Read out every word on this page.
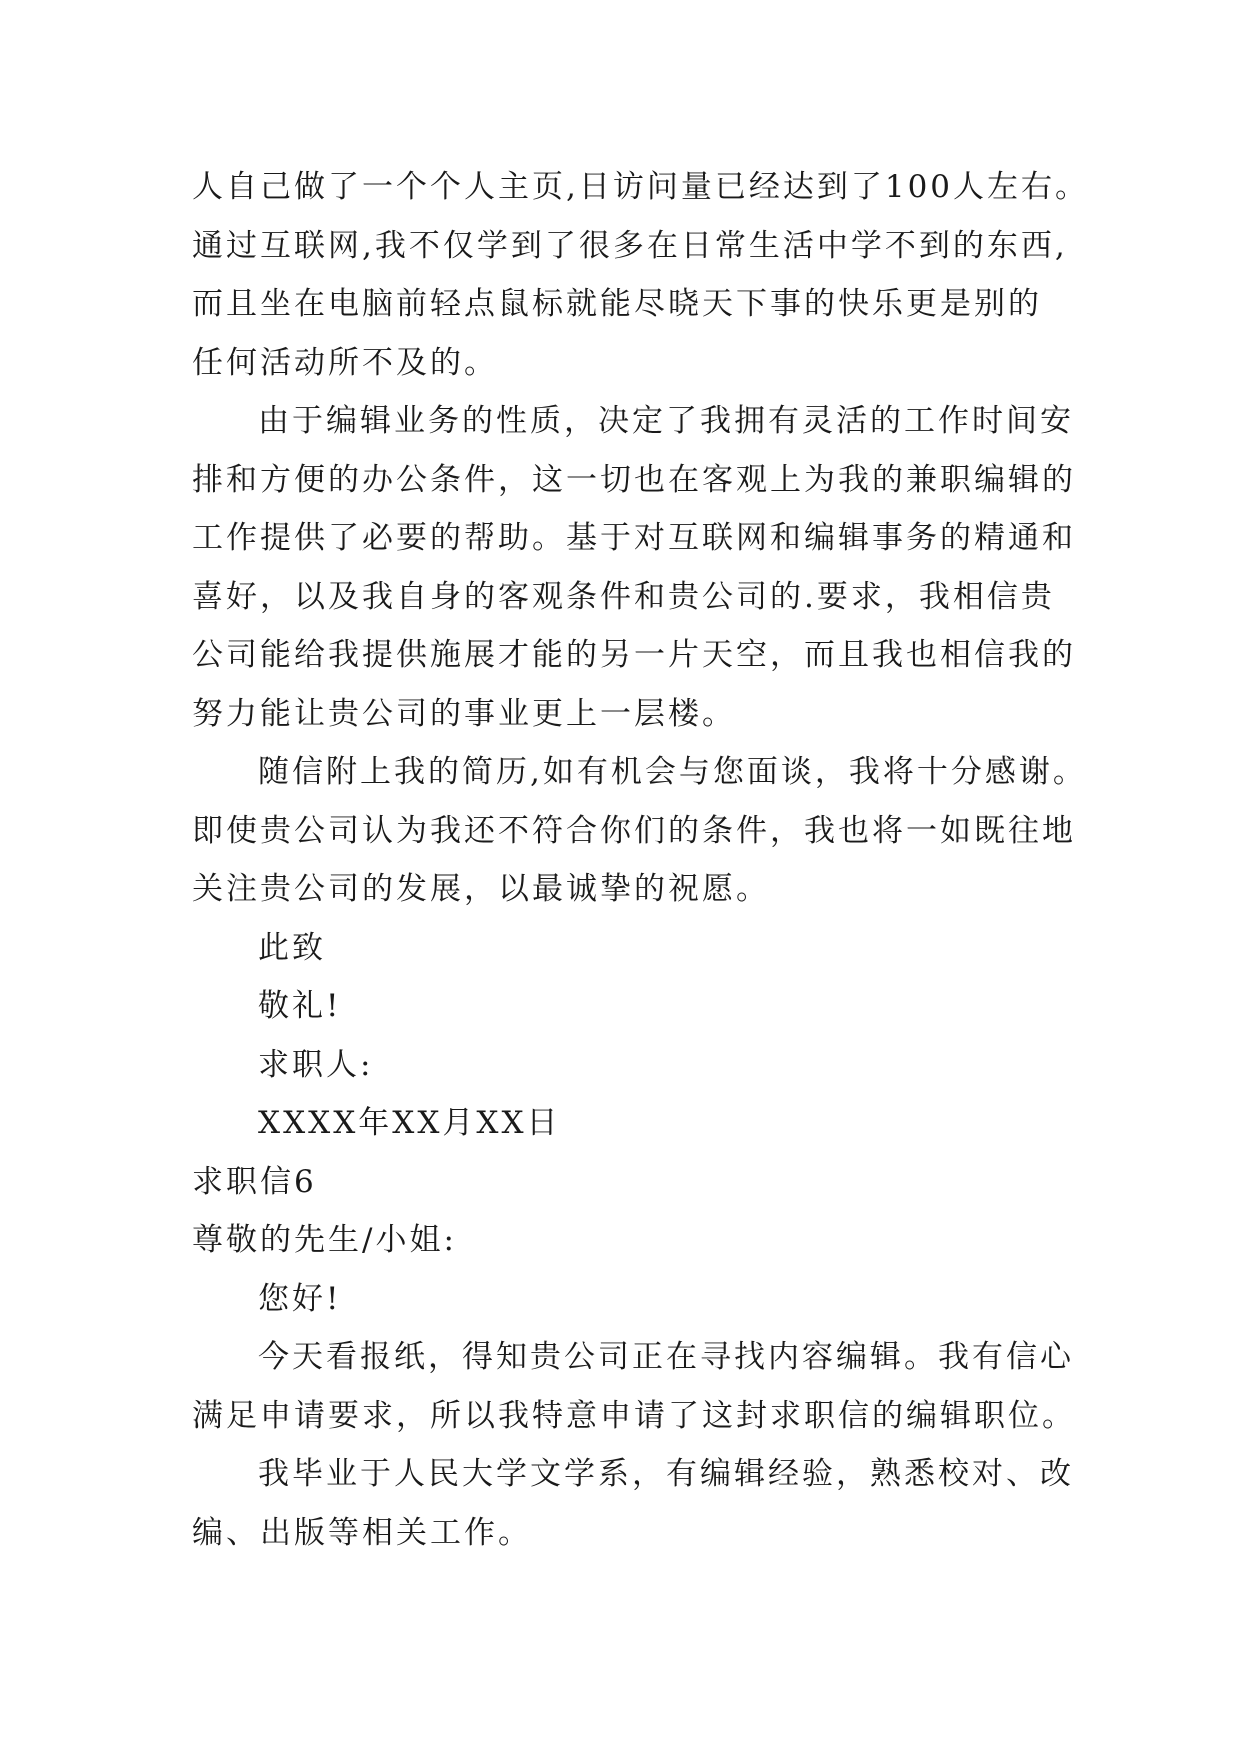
人自己做了一个个人主页,日访问量已经达到了100人左右。
通过互联网,我不仅学到了很多在日常生活中学不到的东西,
而且坐在电脑前轻点鼠标就能尽晓天下事的快乐更是别的
任何活动所不及的。
由于编辑业务的性质，决定了我拥有灵活的工作时间安
排和方便的办公条件，这一切也在客观上为我的兼职编辑的
工作提供了必要的帮助。基于对互联网和编辑事务的精通和
喜好，以及我自身的客观条件和贵公司的.要求，我相信贵
公司能给我提供施展才能的另一片天空，而且我也相信我的
努力能让贵公司的事业更上一层楼。
随信附上我的简历,如有机会与您面谈，我将十分感谢。
即使贵公司认为我还不符合你们的条件，我也将一如既往地
关注贵公司的发展，以最诚挚的祝愿。
此致
敬礼!
求职人:
XXXX年XX月XX日
求职信6
尊敬的先生/小姐:
您好!
今天看报纸，得知贵公司正在寻找内容编辑。我有信心
满足申请要求，所以我特意申请了这封求职信的编辑职位。
我毕业于人民大学文学系，有编辑经验，熟悉校对、改
编、出版等相关工作。
